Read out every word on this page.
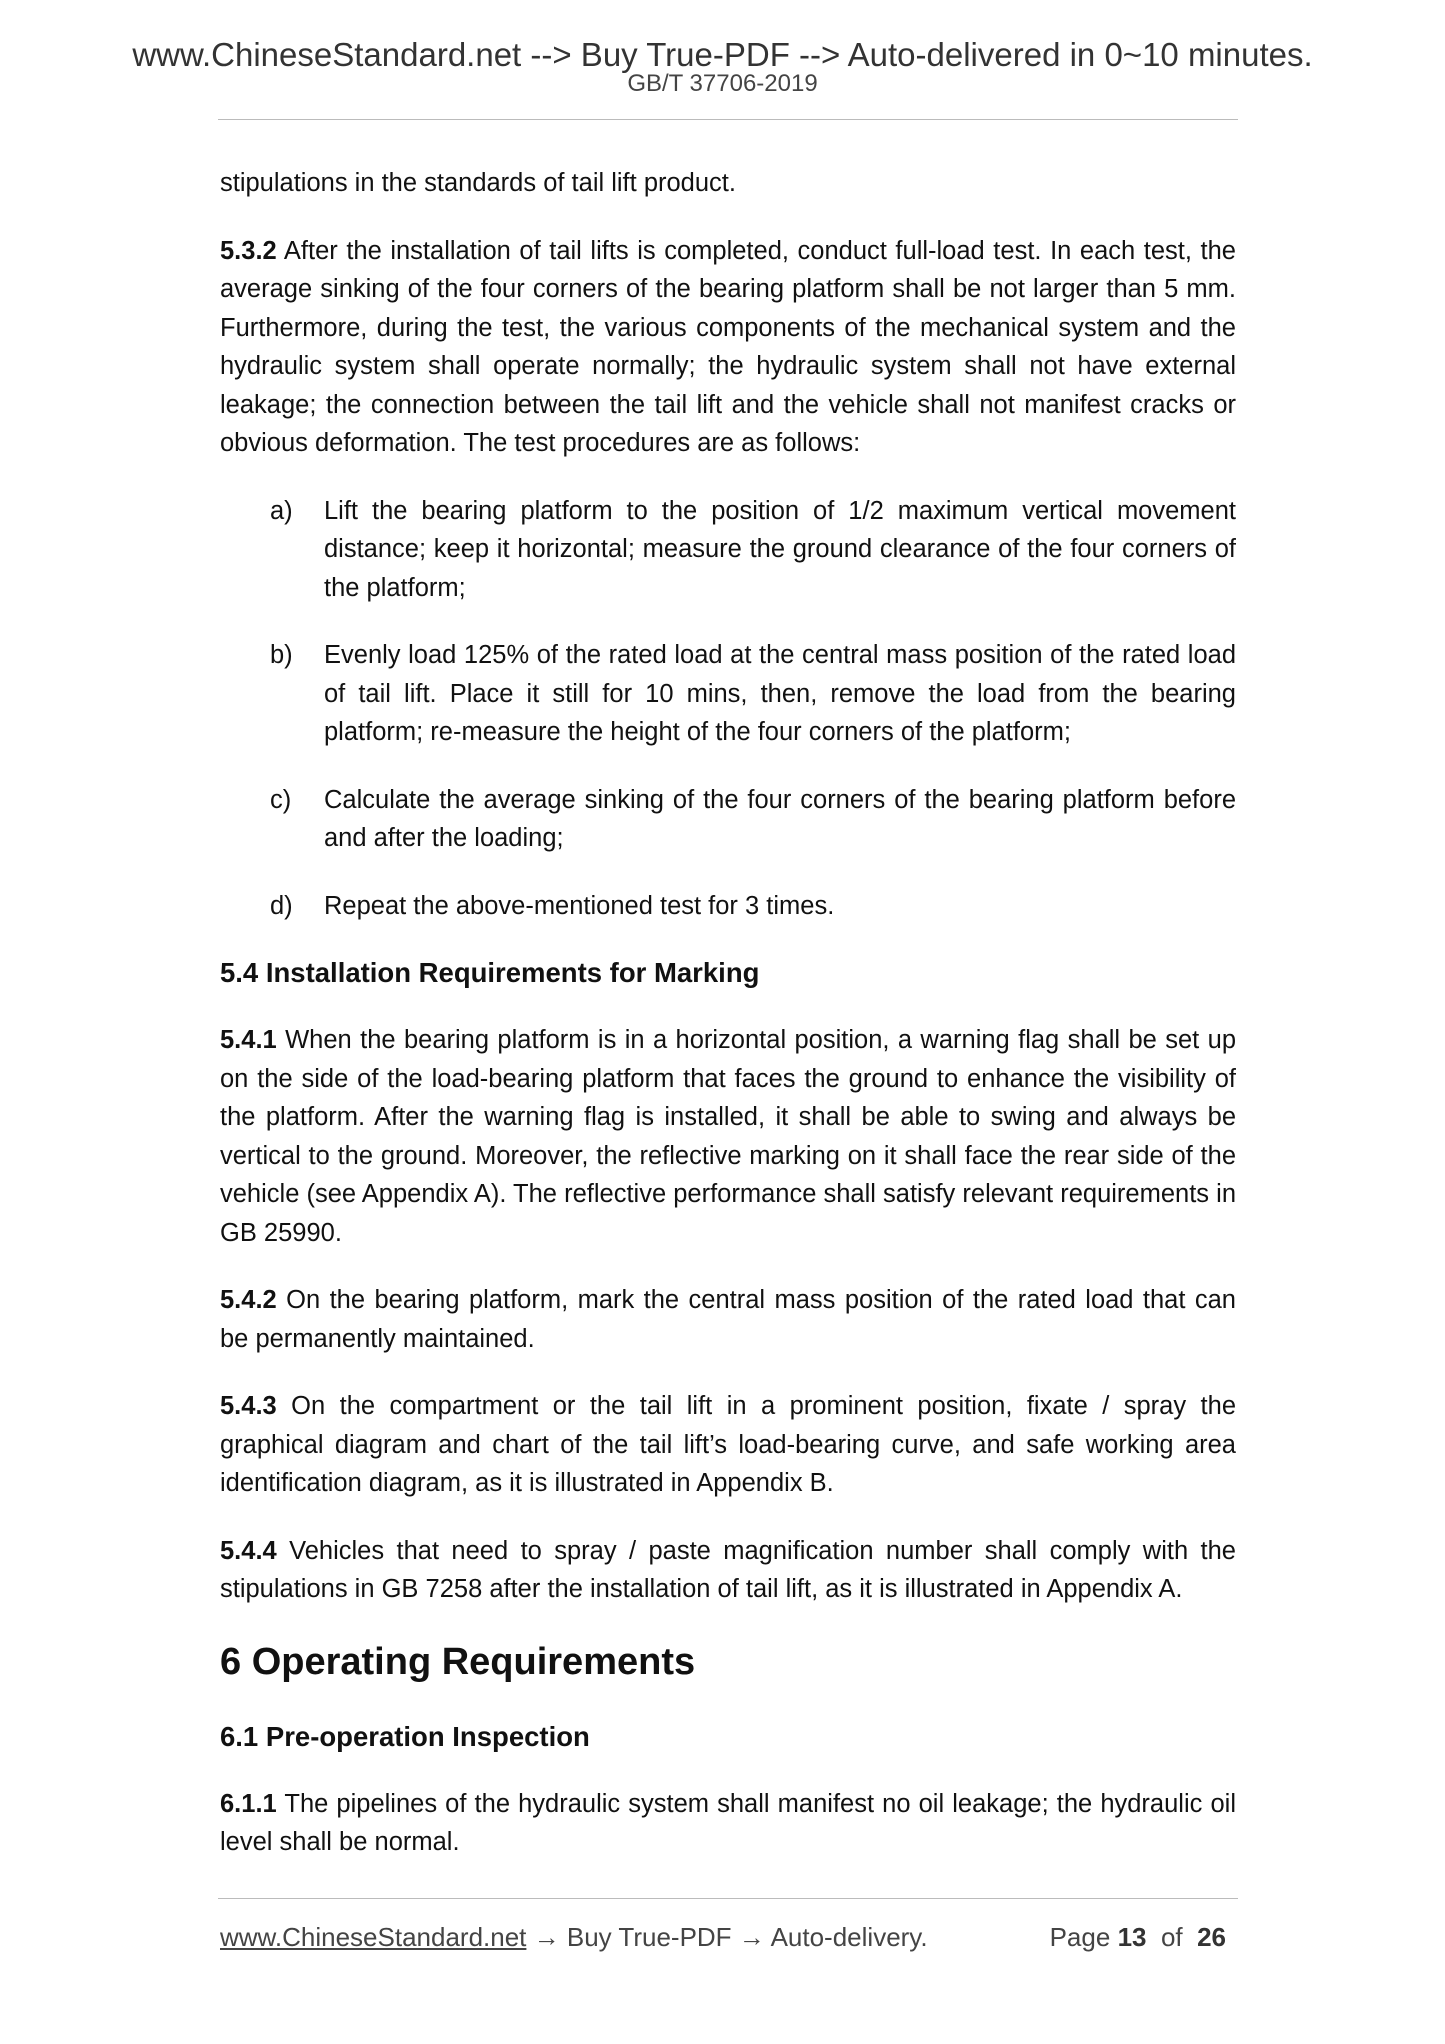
www.ChineseStandard.net --> Buy True-PDF --> Auto-delivered in 0~10 minutes.
GB/T 37706-2019

stipulations in the standards of tail lift product.

5.3.2 After the installation of tail lifts is completed, conduct full-load test. In each test, the average sinking of the four corners of the bearing platform shall be not larger than 5 mm. Furthermore, during the test, the various components of the mechanical system and the hydraulic system shall operate normally; the hydraulic system shall not have external leakage; the connection between the tail lift and the vehicle shall not manifest cracks or obvious deformation. The test procedures are as follows:

a) Lift the bearing platform to the position of 1/2 maximum vertical movement distance; keep it horizontal; measure the ground clearance of the four corners of the platform;
b) Evenly load 125% of the rated load at the central mass position of the rated load of tail lift. Place it still for 10 mins, then, remove the load from the bearing platform; re-measure the height of the four corners of the platform;
c) Calculate the average sinking of the four corners of the bearing platform before and after the loading;
d) Repeat the above-mentioned test for 3 times.
5.4 Installation Requirements for Marking

5.4.1 When the bearing platform is in a horizontal position, a warning flag shall be set up on the side of the load-bearing platform that faces the ground to enhance the visibility of the platform. After the warning flag is installed, it shall be able to swing and always be vertical to the ground. Moreover, the reflective marking on it shall face the rear side of the vehicle (see Appendix A). The reflective performance shall satisfy relevant requirements in GB 25990.

5.4.2 On the bearing platform, mark the central mass position of the rated load that can be permanently maintained.

5.4.3 On the compartment or the tail lift in a prominent position, fixate / spray the graphical diagram and chart of the tail lift’s load-bearing curve, and safe working area identification diagram, as it is illustrated in Appendix B.

5.4.4 Vehicles that need to spray / paste magnification number shall comply with the stipulations in GB 7258 after the installation of tail lift, as it is illustrated in Appendix A.

6 Operating Requirements
6.1 Pre-operation Inspection

6.1.1 The pipelines of the hydraulic system shall manifest no oil leakage; the hydraulic oil level shall be normal.

www.ChineseStandard.net → Buy True-PDF → Auto-delivery.	Page 13 of 26
